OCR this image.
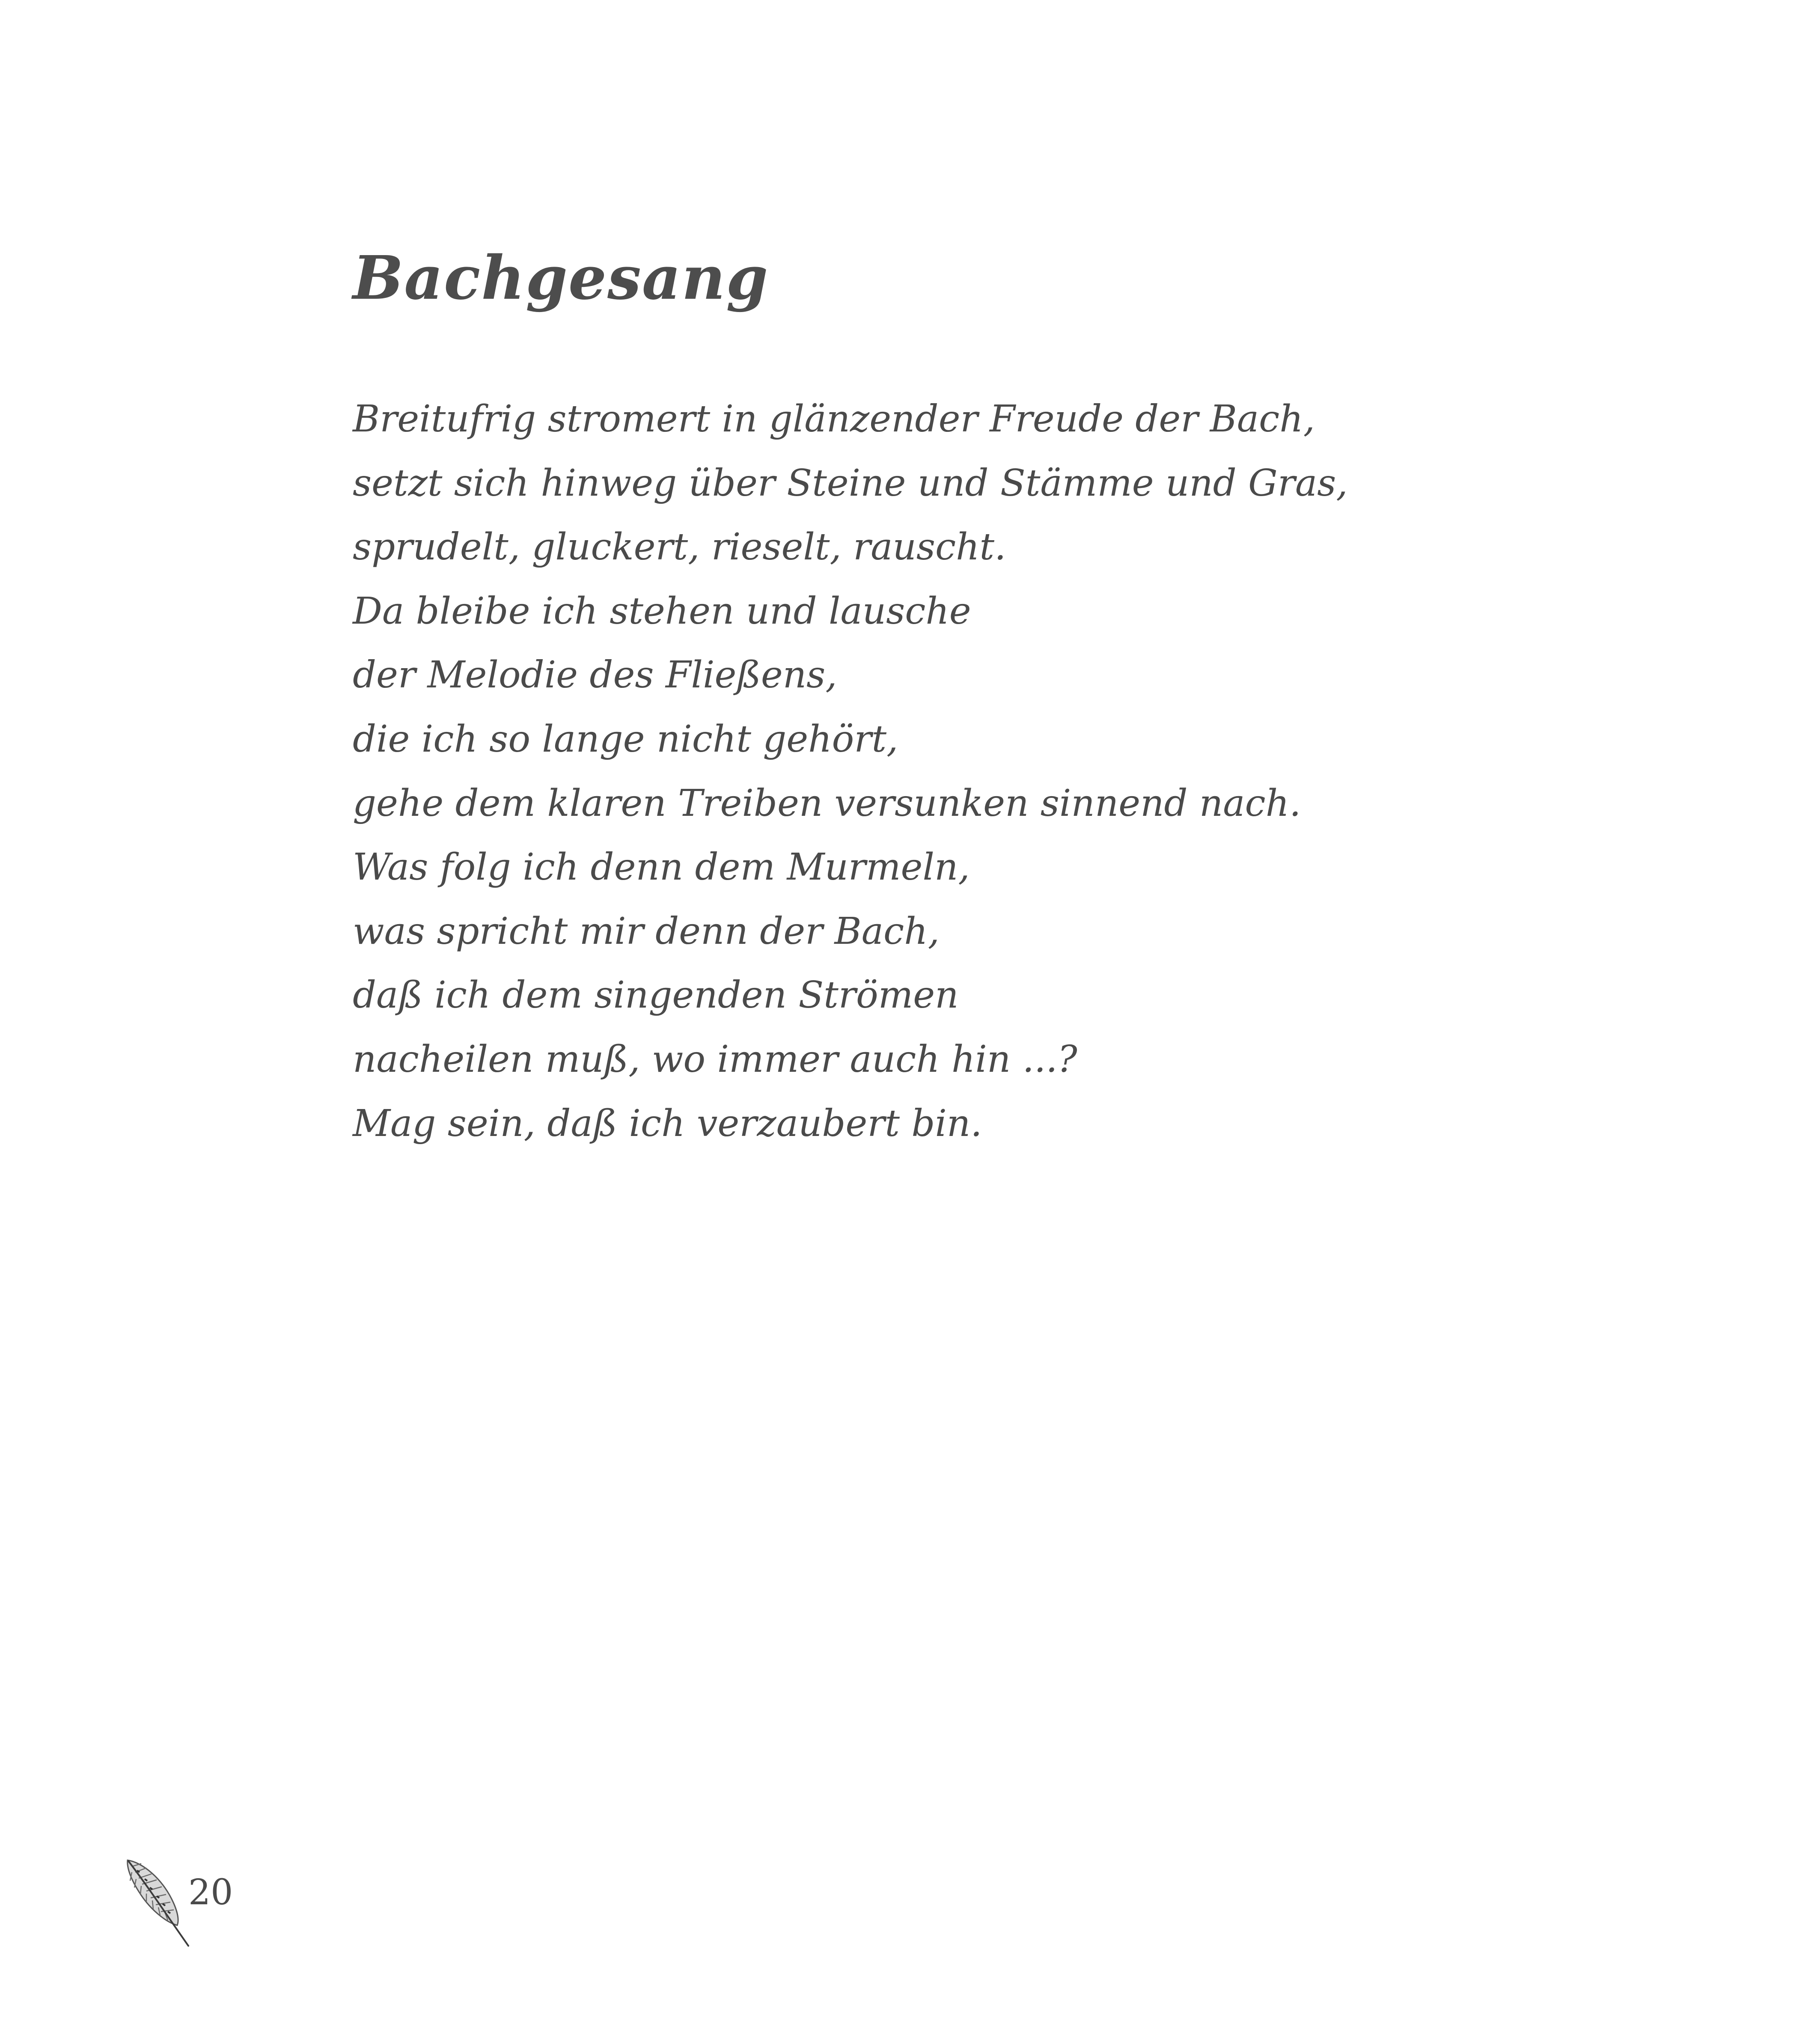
Bachgesang
Breitufrig stromert in glänzender Freude der Bach,
setzt sich hinweg über Steine und Stämme und Gras,
sprudelt, gluckert, rieselt, rauscht.
Da bleibe ich stehen und lausche
der Melodie des Fließens,
die ich so lange nicht gehört,
gehe dem klaren Treiben versunken sinnend nach.
Was folg ich denn dem Murmeln,
was spricht mir denn der Bach,
daß ich dem singenden Strömen
nacheilen muß, wo immer auch hin ...?
Mag sein, daß ich verzaubert bin.
20
